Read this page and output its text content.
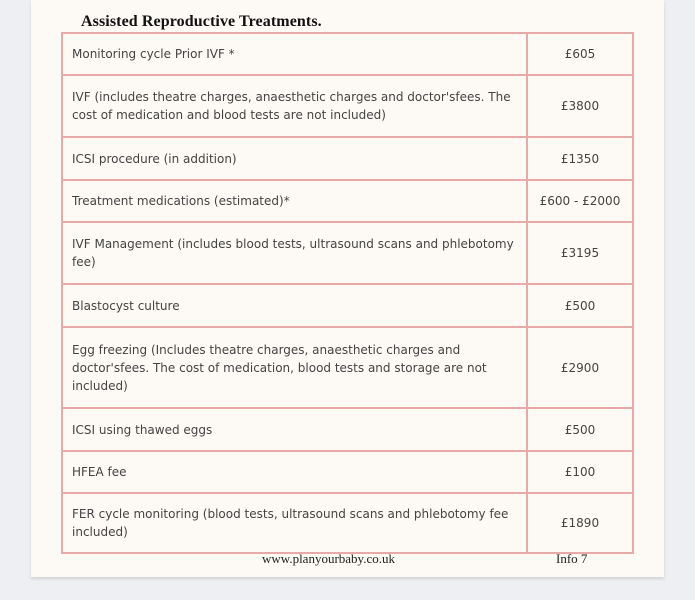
Assisted Reproductive Treatments.
Monitoring cycle Prior IVF *	£605
IVF (includes theatre charges, anaesthetic charges and doctor'sfees. The cost of medication and blood tests are not included)	£3800
ICSI procedure (in addition)	£1350
Treatment medications (estimated)*	£600 - £2000
IVF Management (includes blood tests, ultrasound scans and phlebotomy fee)	£3195
Blastocyst culture	£500
Egg freezing (Includes theatre charges, anaesthetic charges and doctor'sfees. The cost of medication, blood tests and storage are not included)	£2900
ICSI using thawed eggs	£500
HFEA fee	£100
FER cycle monitoring (blood tests, ultrasound scans and phlebotomy fee included)	£1890
www.planyourbaby.co.uk	Info 7
